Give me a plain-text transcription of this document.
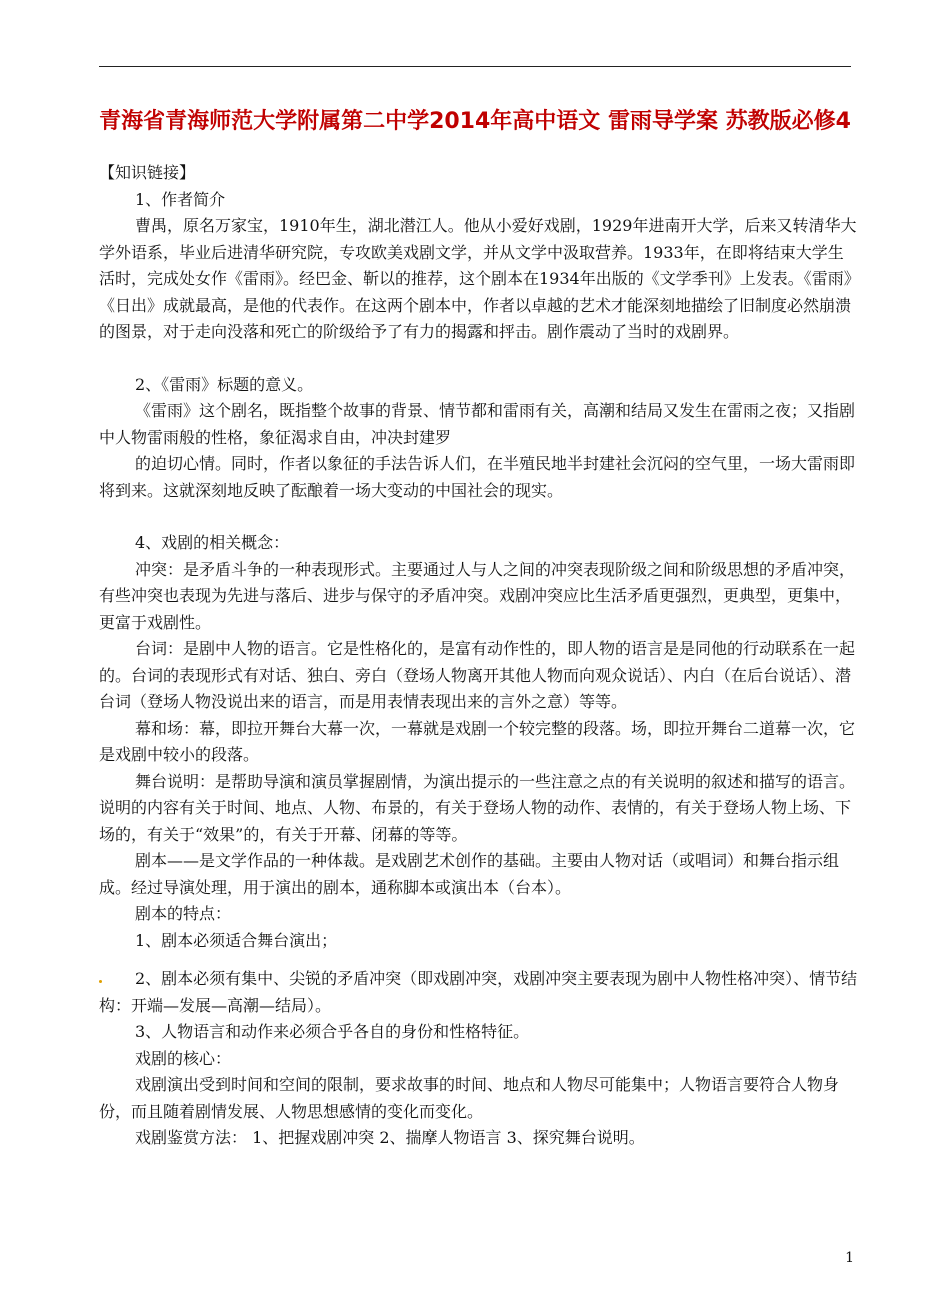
青海省青海师范大学附属第二中学2014年高中语文 雷雨导学案 苏教版必修4

【知识链接】

1、作者简介

曹禺，原名万家宝，1910年生，湖北潜江人。他从小爱好戏剧，1929年进南开大学，后来又转清华大学外语系，毕业后进清华研究院，专攻欧美戏剧文学，并从文学中汲取营养。1933年，在即将结束大学生活时，完成处女作《雷雨》。经巴金、靳以的推荐，这个剧本在1934年出版的《文学季刊》上发表。《雷雨》《日出》成就最高，是他的代表作。在这两个剧本中，作者以卓越的艺术才能深刻地描绘了旧制度必然崩溃的图景，对于走向没落和死亡的阶级给予了有力的揭露和抨击。剧作震动了当时的戏剧界。

2、《雷雨》标题的意义。

《雷雨》这个剧名，既指整个故事的背景、情节都和雷雨有关，高潮和结局又发生在雷雨之夜；又指剧中人物雷雨般的性格，象征渴求自由，冲决封建罗

的迫切心情。同时，作者以象征的手法告诉人们，在半殖民地半封建社会沉闷的空气里，一场大雷雨即将到来。这就深刻地反映了酝酿着一场大变动的中国社会的现实。

4、戏剧的相关概念：

冲突：是矛盾斗争的一种表现形式。主要通过人与人之间的冲突表现阶级之间和阶级思想的矛盾冲突，有些冲突也表现为先进与落后、进步与保守的矛盾冲突。戏剧冲突应比生活矛盾更强烈，更典型，更集中，更富于戏剧性。

台词：是剧中人物的语言。它是性格化的，是富有动作性的，即人物的语言是是同他的行动联系在一起的。台词的表现形式有对话、独白、旁白（登场人物离开其他人物而向观众说话）、内白（在后台说话）、潜台词（登场人物没说出来的语言，而是用表情表现出来的言外之意）等等。

幕和场：幕，即拉开舞台大幕一次，一幕就是戏剧一个较完整的段落。场，即拉开舞台二道幕一次，它是戏剧中较小的段落。

舞台说明：是帮助导演和演员掌握剧情，为演出提示的一些注意之点的有关说明的叙述和描写的语言。说明的内容有关于时间、地点、人物、布景的，有关于登场人物的动作、表情的，有关于登场人物上场、下场的，有关于“效果”的，有关于开幕、闭幕的等等。

剧本——是文学作品的一种体裁。是戏剧艺术创作的基础。主要由人物对话（或唱词）和舞台指示组成。经过导演处理，用于演出的剧本，通称脚本或演出本（台本）。

剧本的特点：

1、剧本必须适合舞台演出；

2、剧本必须有集中、尖锐的矛盾冲突（即戏剧冲突，戏剧冲突主要表现为剧中人物性格冲突）、情节结构：开端—发展—高潮—结局）。

3、人物语言和动作来必须合乎各自的身份和性格特征。

戏剧的核心：

戏剧演出受到时间和空间的限制，要求故事的时间、地点和人物尽可能集中；人物语言要符合人物身份，而且随着剧情发展、人物思想感情的变化而变化。

戏剧鉴赏方法： 1、把握戏剧冲突 2、揣摩人物语言 3、探究舞台说明。

1
